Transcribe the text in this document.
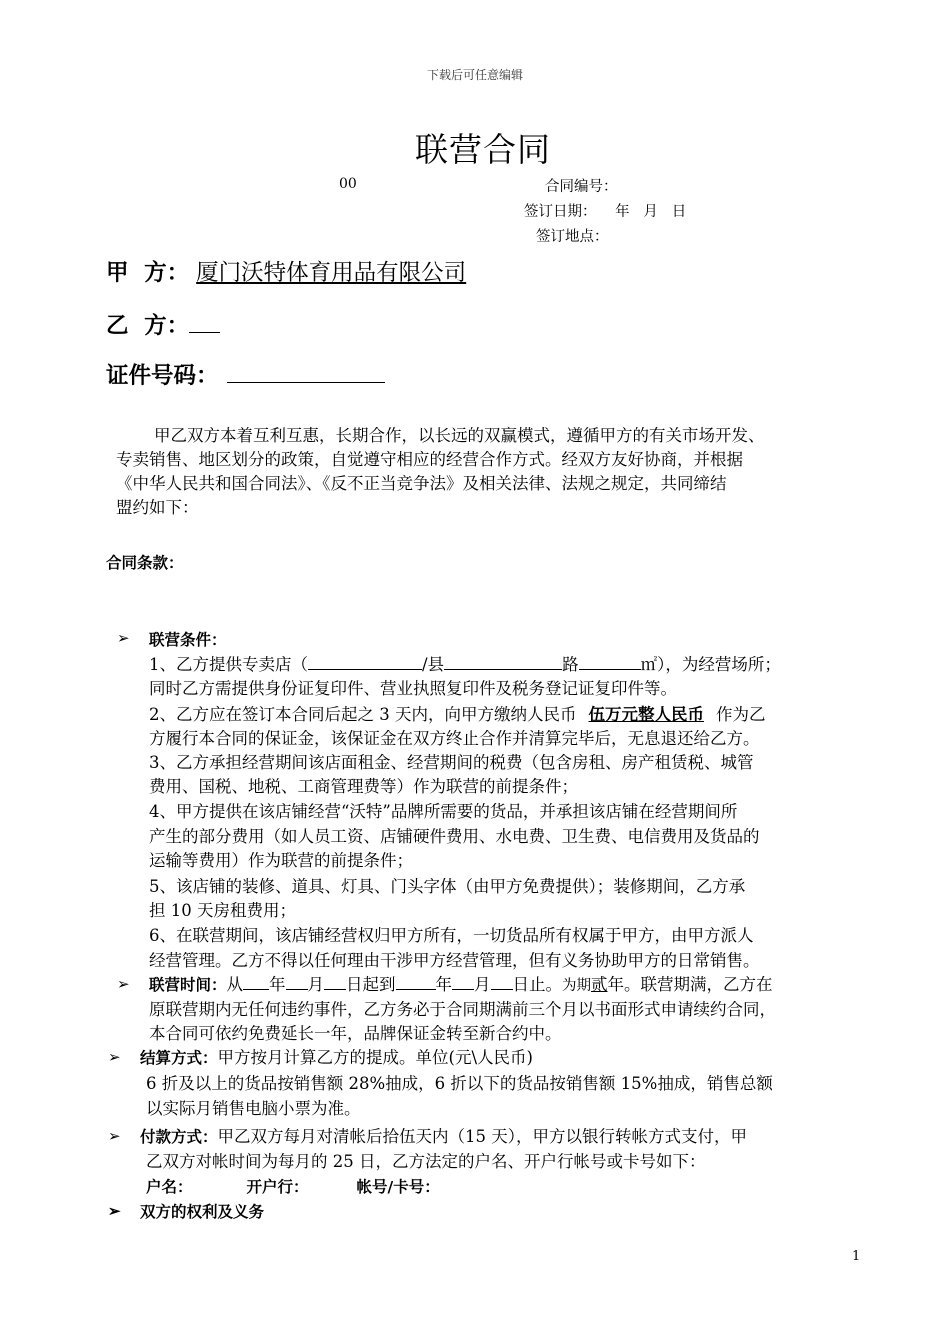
下载后可任意编辑
联营合同
00	合同编号：
签订日期： 年   月   日
签订地点：
甲  方： 厦门沃特体育用品有限公司
乙  方：
证件号码：
甲乙双方本着互利互惠，长期合作，以长远的双赢模式，遵循甲方的有关市场开发、
专卖销售、地区划分的政策，自觉遵守相应的经营合作方式。经双方友好协商，并根据
《中华人民共和国合同法》、《反不正当竞争法》及相关法律、法规之规定，共同缔结
盟约如下：
合同条款：
➢ 联营条件：
1、乙方提供专卖店（	/县	路	㎡），为经营场所；
同时乙方需提供身份证复印件、营业执照复印件及税务登记证复印件等。
2、乙方应在签订本合同后起之 3 天内，向甲方缴纳人民币 伍万元整人民币 作为乙
方履行本合同的保证金，该保证金在双方终止合作并清算完毕后，无息退还给乙方。
3、乙方承担经营期间该店面租金、经营期间的税费（包含房租、房产租赁税、城管
费用、国税、地税、工商管理费等）作为联营的前提条件；
4、甲方提供在该店铺经营“沃特”品牌所需要的货品，并承担该店铺在经营期间所
产生的部分费用（如人员工资、店铺硬件费用、水电费、卫生费、电信费用及货品的
运输等费用）作为联营的前提条件；
5、该店铺的装修、道具、灯具、门头字体（由甲方免费提供）；装修期间，乙方承
担 10 天房租费用；
6、在联营期间，该店铺经营权归甲方所有，一切货品所有权属于甲方，由甲方派人
经营管理。乙方不得以任何理由干涉甲方经营管理，但有义务协助甲方的日常销售。
➢ 联营时间：从 年 月 日起到 年 月 日止。为期贰年。联营期满，乙方在
原联营期内无任何违约事件，乙方务必于合同期满前三个月以书面形式申请续约合同，
本合同可依约免费延长一年，品牌保证金转至新合约中。
➢ 结算方式：甲方按月计算乙方的提成。单位(元\人民币)
6 折及以上的货品按销售额 28%抽成，6 折以下的货品按销售额 15%抽成，销售总额
以实际月销售电脑小票为准。
➢ 付款方式：甲乙双方每月对清帐后拾伍天内（15 天），甲方以银行转帐方式支付，甲
乙双方对帐时间为每月的 25 日，乙方法定的户名、开户行帐号或卡号如下：
户名：	开户行：	帐号/卡号：
➢ 双方的权利及义务
1
